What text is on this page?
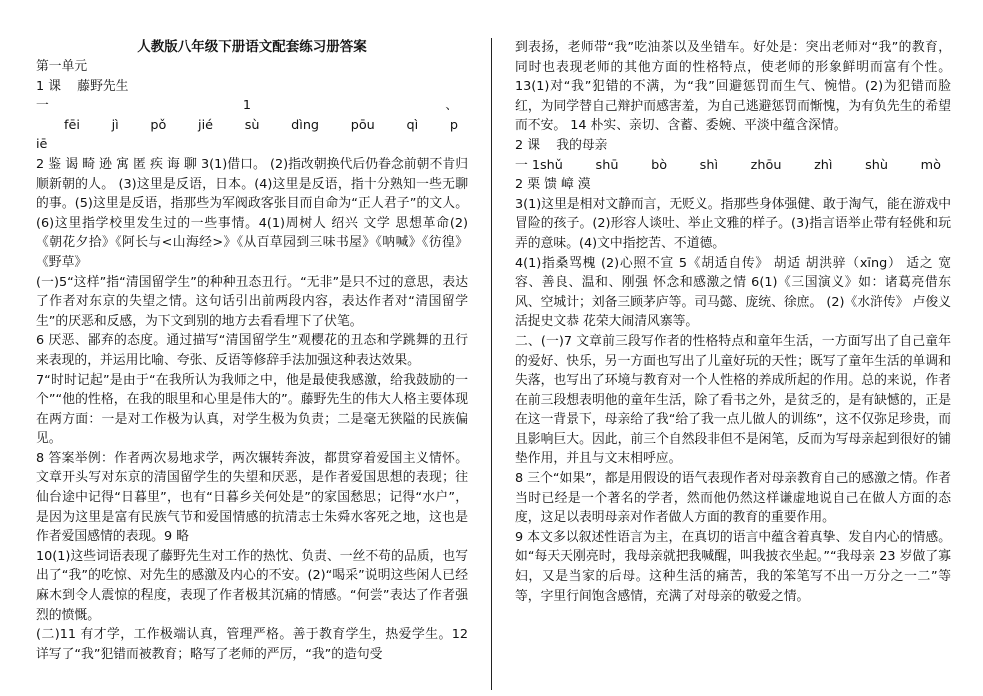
人教版八年级下册语文配套练习册答案

第一单元

1 课    藤野先生

一	1	、
fēi jì pǒ jié sù dìng pōu qì p

iē

2 鉴 谒 畸 逊 寓 匿 疾 诲 聊 3(1)借口。 (2)指改朝换代后仍眷念前朝不肯归顺新朝的人。 (3)这里是反语，日本。(4)这里是反语，指十分熟知一些无聊的事。(5)这里是反语，指那些为军阀政客张目而自命为“正人君子”的文人。(6)这里指学校里发生过的一些事情。4(1)周树人 绍兴 文学 思想革命(2)《朝花夕拾》《阿长与<山海经>》《从百草园到三味书屋》《呐喊》《彷徨》《野草》

(一)5“这样”指“清国留学生”的种种丑态丑行。“无非”是只不过的意思，表达了作者对东京的失望之情。这句话引出前两段内容，表达作者对“清国留学生”的厌恶和反感，为下文到别的地方去看看埋下了伏笔。

6 厌恶、鄙弃的态度。通过描写“清国留学生”观樱花的丑态和学跳舞的丑行来表现的，并运用比喻、夸张、反语等修辞手法加强这种表达效果。

7“时时记起”是由于“在我所认为我师之中，他是最使我感激，给我鼓励的一个”“他的性格，在我的眼里和心里是伟大的”。藤野先生的伟大人格主要体现在两方面：一是对工作极为认真，对学生极为负责；二是毫无狭隘的民族偏见。

8 答案举例：作者两次易地求学，两次辗转奔波，都贯穿着爱国主义情怀。文章开头写对东京的清国留学生的失望和厌恶，是作者爱国思想的表现；往仙台途中记得“日暮里”，也有“日暮乡关何处是”的家国愁思；记得“水户”，是因为这里是富有民族气节和爱国情感的抗清志士朱舜水客死之地，这也是作者爱国感情的表现。9 略

10(1)这些词语表现了藤野先生对工作的热忱、负责、一丝不苟的品质，也写出了“我”的吃惊、对先生的感激及内心的不安。(2)“喝采”说明这些闲人已经麻木到令人震惊的程度，表现了作者极其沉痛的情感。“何尝”表达了作者强烈的愤慨。

(二)11 有才学，工作极端认真，管理严格。善于教育学生，热爱学生。12 详写了“我”犯错而被教育；略写了老师的严厉，“我”的造句受

到表扬，老师带“我”吃油茶以及坐错车。好处是：突出老师对“我”的教育，同时也表现老师的其他方面的性格特点，使老师的形象鲜明而富有个性。13(1)对“我”犯错的不满，为“我”回避惩罚而生气、惋惜。(2)为犯错而脸红，为同学替自己辩护而感害羞，为自己逃避惩罚而惭愧，为有负先生的希望而不安。 14 朴实、亲切、含蓄、委婉、平淡中蕴含深情。

2 课    我的母亲

一 1shǔ	shū	bò	shì	zhōu	zhì	shù	mò

2 栗 馈 嶂 漠

3(1)这里是相对文静而言，无贬义。指那些身体强健、敢于淘气，能在游戏中冒险的孩子。(2)形容人谈吐、举止文雅的样子。(3)指言语举止带有轻佻和玩弄的意味。(4)文中指挖苦、不道德。

4(1)指桑骂槐 (2)心照不宣 5《胡适自传》 胡适 胡洪骍（xīng） 适之 宽容、善良、温和、刚强 怀念和感激之情 6(1)《三国演义》如：诸葛亮借东风、空城计；刘备三顾茅庐等。司马懿、庞统、徐庶。 (2)《水浒传》 卢俊义活捉史文恭 花荣大闹清风寨等。

二、(一)7 文章前三段写作者的性格特点和童年生活，一方面写出了自己童年的爱好、快乐，另一方面也写出了儿童好玩的天性；既写了童年生活的单调和失落，也写出了环境与教育对一个人性格的养成所起的作用。总的来说，作者在前三段想表明他的童年生活，除了看书之外，是贫乏的，是有缺憾的，正是在这一背景下，母亲给了我“给了我一点儿做人的训练”，这不仅弥足珍贵，而且影响巨大。因此，前三个自然段非但不是闲笔，反而为写母亲起到很好的铺垫作用，并且与文末相呼应。

8 三个“如果”，都是用假设的语气表现作者对母亲教育自己的感激之情。作者当时已经是一个著名的学者，然而他仍然这样谦虚地说自己在做人方面的态度，这足以表明母亲对作者做人方面的教育的重要作用。

9 本文多以叙述性语言为主，在真切的语言中蕴含着真挚、发自内心的情感。如“每天天刚亮时，我母亲就把我喊醒，叫我披衣坐起。”“我母亲 23 岁做了寡妇，又是当家的后母。这种生活的痛苦，我的笨笔写不出一万分之一二”等等，字里行间饱含感情，充满了对母亲的敬爱之情。
